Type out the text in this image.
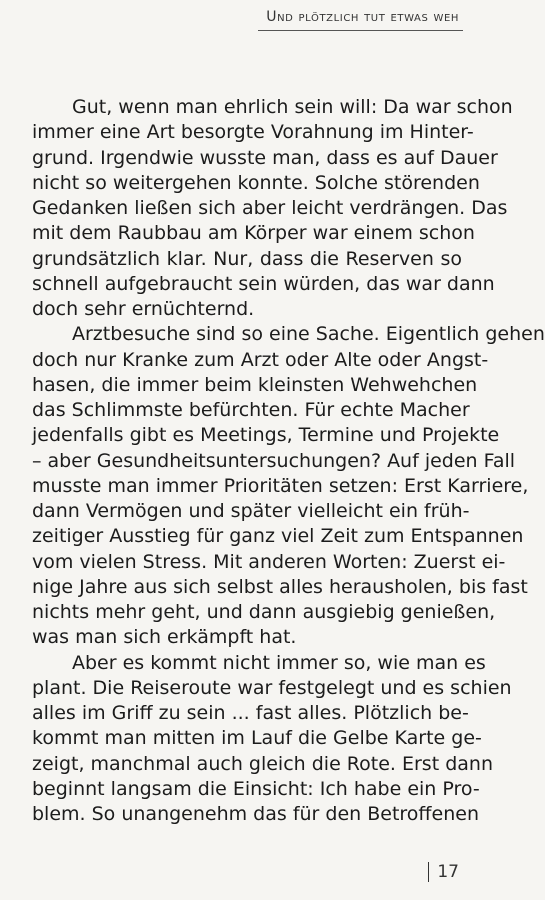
Und plötzlich tut etwas weh
Gut, wenn man ehrlich sein will: Da war schon
immer eine Art besorgte Vorahnung im Hinter-
grund. Irgendwie wusste man, dass es auf Dauer
nicht so weitergehen konnte. Solche störenden
Gedanken ließen sich aber leicht verdrängen. Das
mit dem Raubbau am Körper war einem schon
grundsätzlich klar. Nur, dass die Reserven so
schnell aufgebraucht sein würden, das war dann
doch sehr ernüchternd.
Arztbesuche sind so eine Sache. Eigentlich gehen
doch nur Kranke zum Arzt oder Alte oder Angst-
hasen, die immer beim kleinsten Wehwehchen
das Schlimmste befürchten. Für echte Macher
jedenfalls gibt es Meetings, Termine und Projekte
– aber Gesundheitsuntersuchungen? Auf jeden Fall
musste man immer Prioritäten setzen: Erst Karriere,
dann Vermögen und später vielleicht ein früh-
zeitiger Ausstieg für ganz viel Zeit zum Entspannen
vom vielen Stress. Mit anderen Worten: Zuerst ei-
nige Jahre aus sich selbst alles herausholen, bis fast
nichts mehr geht, und dann ausgiebig genießen,
was man sich erkämpft hat.
Aber es kommt nicht immer so, wie man es
plant. Die Reiseroute war festgelegt und es schien
alles im Griff zu sein ... fast alles. Plötzlich be-
kommt man mitten im Lauf die Gelbe Karte ge-
zeigt, manchmal auch gleich die Rote. Erst dann
beginnt langsam die Einsicht: Ich habe ein Pro-
blem. So unangenehm das für den Betroffenen
17
